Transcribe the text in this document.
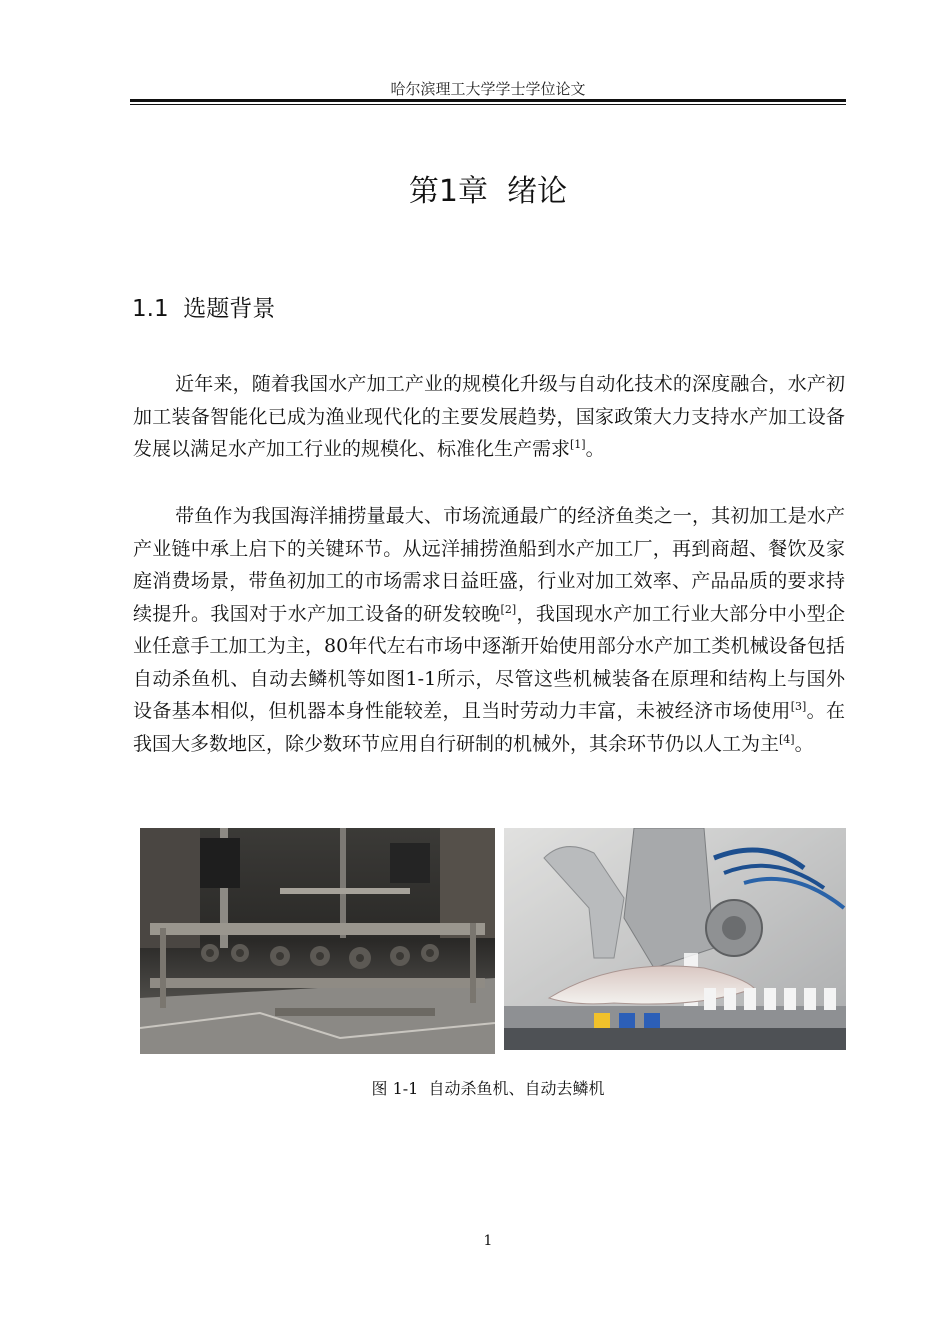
哈尔滨理工大学学士学位论文
第1章  绪论
1.1  选题背景

近年来，随着我国水产加工产业的规模化升级与自动化技术的深度融合，水产初加工装备智能化已成为渔业现代化的主要发展趋势，国家政策大力支持水产加工设备发展以满足水产加工行业的规模化、标准化生产需求[1]。

带鱼作为我国海洋捕捞量最大、市场流通最广的经济鱼类之一，其初加工是水产产业链中承上启下的关键环节。从远洋捕捞渔船到水产加工厂，再到商超、餐饮及家庭消费场景，带鱼初加工的市场需求日益旺盛，行业对加工效率、产品品质的要求持续提升。我国对于水产加工设备的研发较晚[2]，我国现水产加工行业大部分中小型企业任意手工加工为主，80年代左右市场中逐渐开始使用部分水产加工类机械设备包括自动杀鱼机、自动去鳞机等如图1-1所示，尽管这些机械装备在原理和结构上与国外设备基本相似，但机器本身性能较差，且当时劳动力丰富，未被经济市场使用[3]。在我国大多数地区，除少数环节应用自行研制的机械外，其余环节仍以人工为主[4]。

图 1-1  自动杀鱼机、自动去鳞机
1
